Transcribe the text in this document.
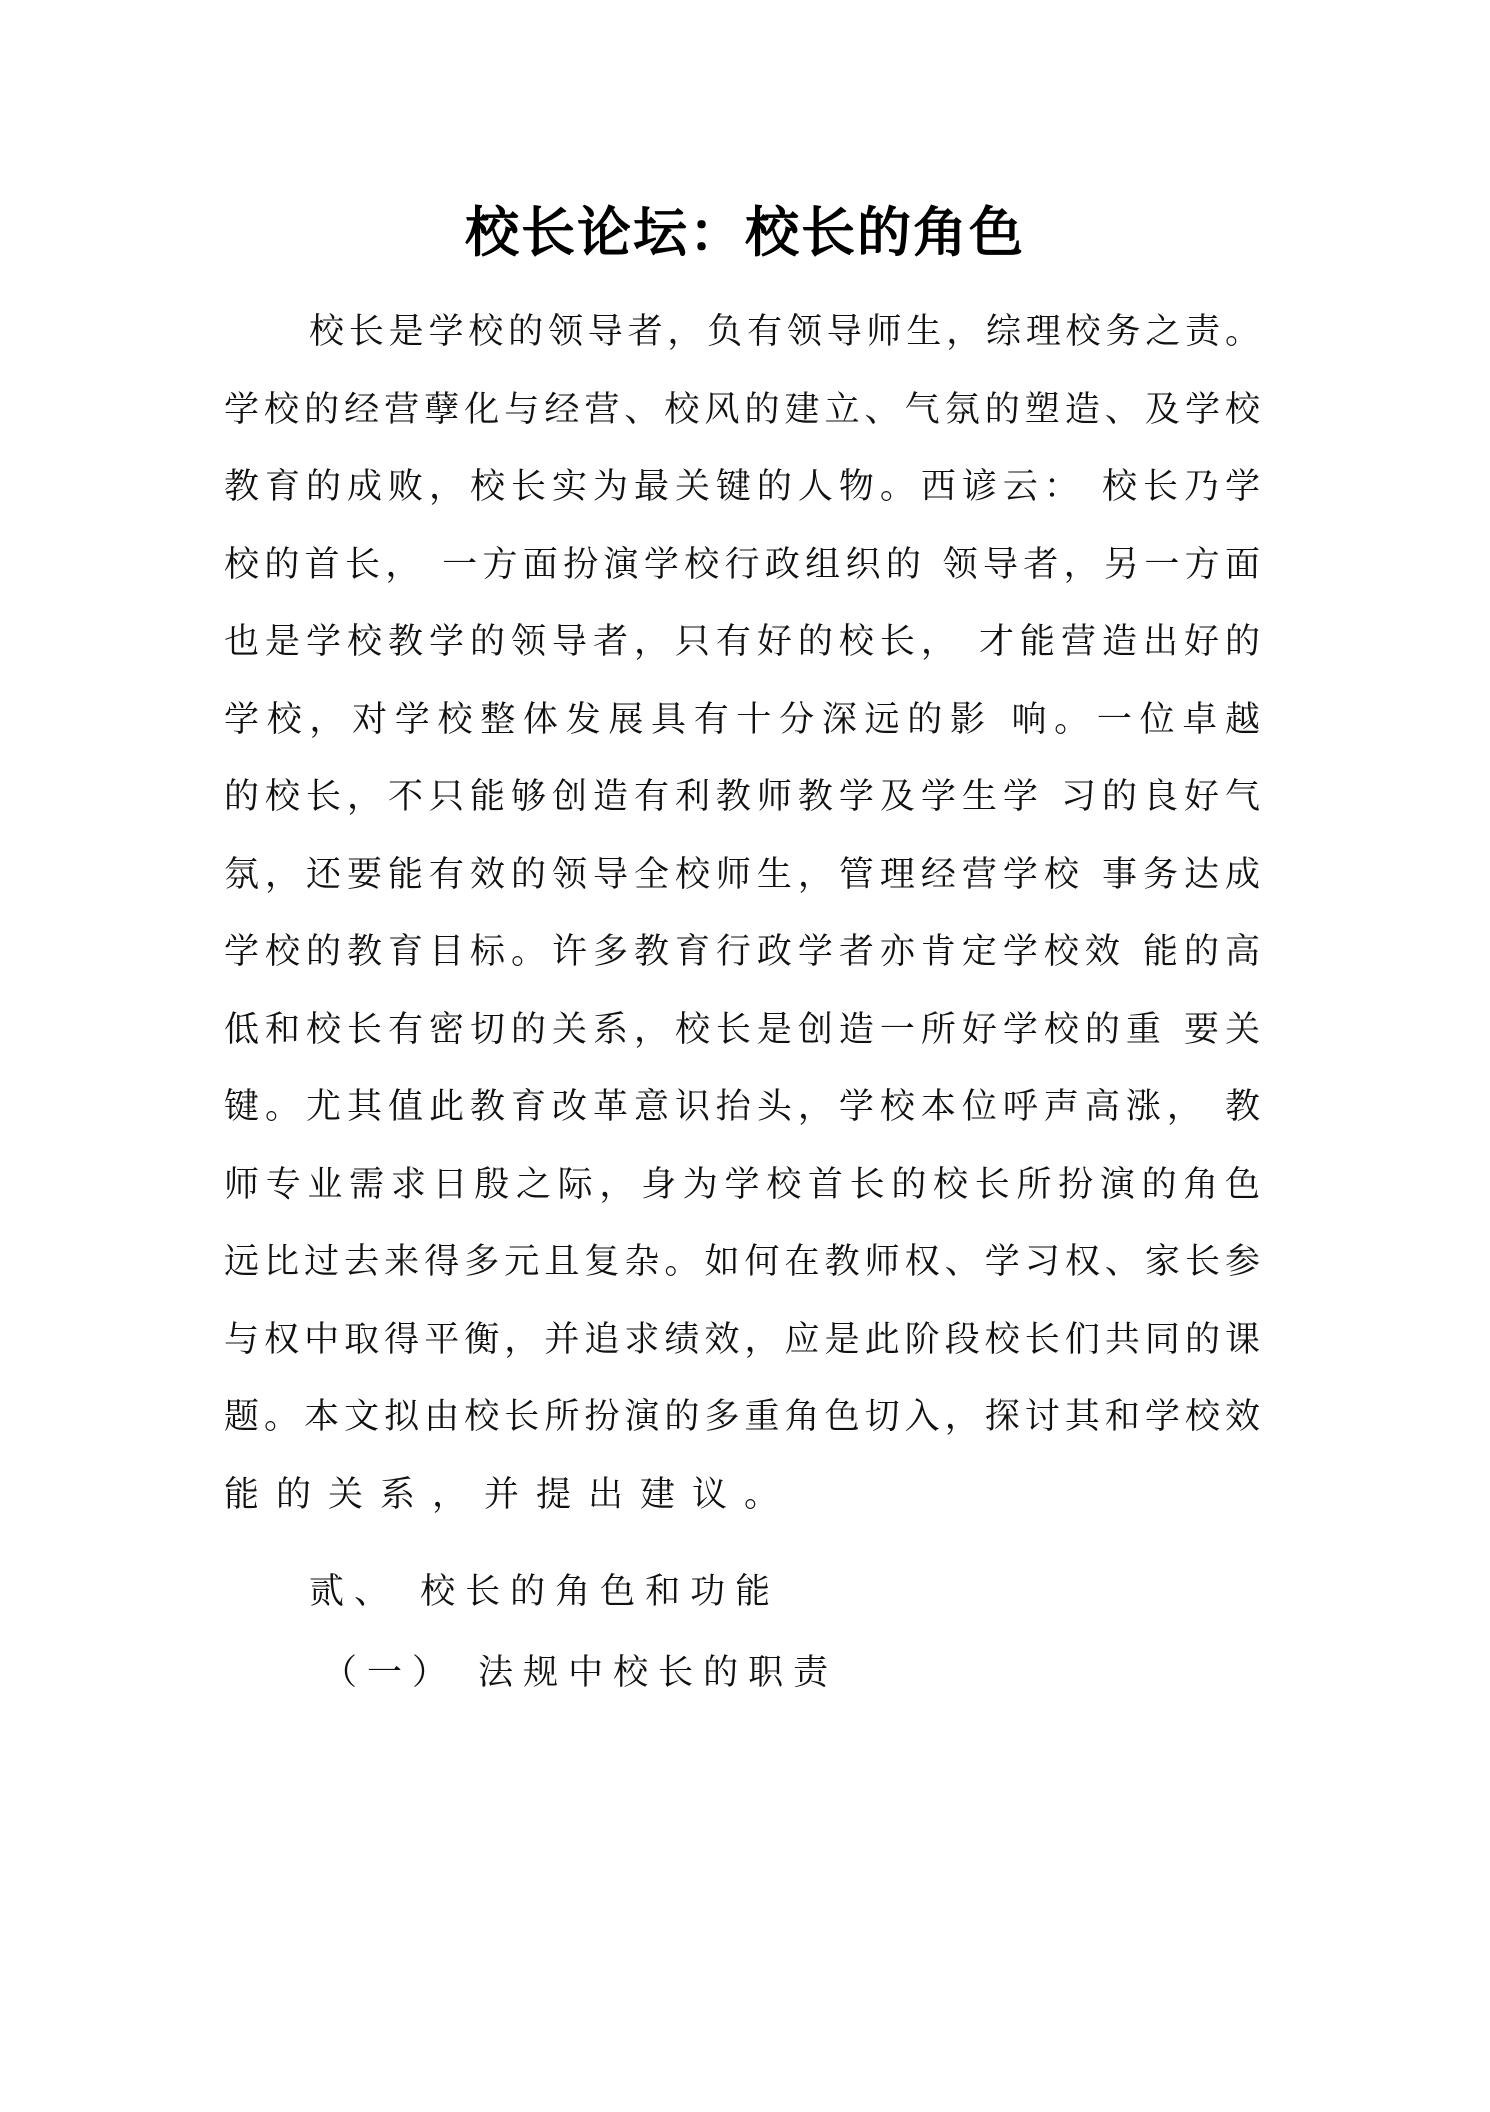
校长论坛：校长的角色
校长是学校的领导者，负有领导师生，综理校务之责。
学校的经营孽化与经营、校风的建立、气氛的塑造、及学校
教育的成败，校长实为最关键的人物。西谚云： 校长乃学
校的首长， 一方面扮演学校行政组织的 领导者，另一方面
也是学校教学的领导者，只有好的校长， 才能营造出好的
学校，对学校整体发展具有十分深远的影 响。一位卓越
的校长，不只能够创造有利教师教学及学生学 习的良好气
氛，还要能有效的领导全校师生，管理经营学校 事务达成
学校的教育目标。许多教育行政学者亦肯定学校效 能的高
低和校长有密切的关系，校长是创造一所好学校的重 要关
键。尤其值此教育改革意识抬头，学校本位呼声高涨， 教
师专业需求日殷之际，身为学校首长的校长所扮演的角色
远比过去来得多元且复杂。如何在教师权、学习权、家长参
与权中取得平衡，并追求绩效，应是此阶段校长们共同的课
题。本文拟由校长所扮演的多重角色切入，探讨其和学校效
能的关系，并提出建议。
贰、 校长的角色和功能
（一） 法规中校长的职责
